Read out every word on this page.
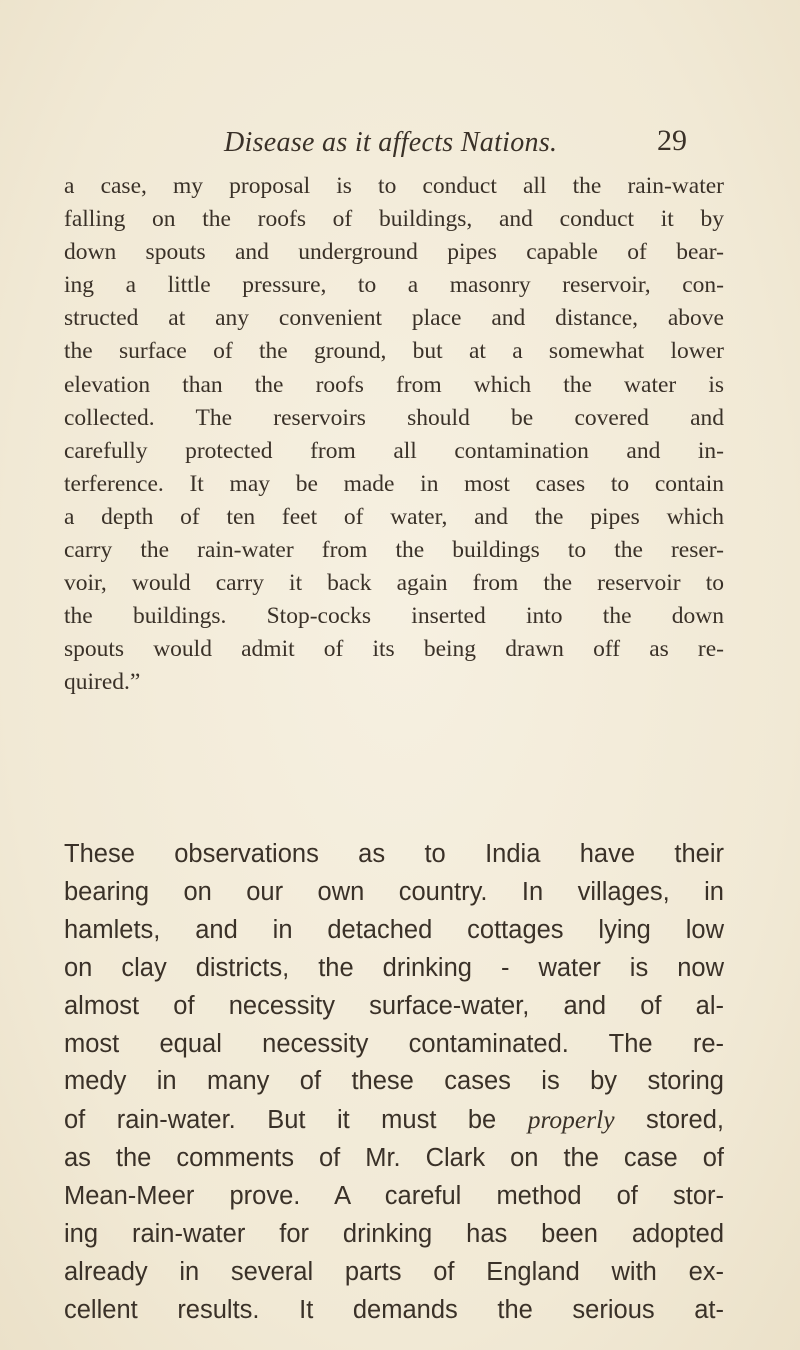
Disease as it affects Nations.	29
a case, my proposal is to conduct all the rain-water
falling on the roofs of buildings, and conduct it by
down spouts and underground pipes capable of bear-
ing a little pressure, to a masonry reservoir, con-
structed at any convenient place and distance, above
the surface of the ground, but at a somewhat lower
elevation than the roofs from which the water is
collected. The reservoirs should be covered and
carefully protected from all contamination and in-
terference. It may be made in most cases to contain
a depth of ten feet of water, and the pipes which
carry the rain-water from the buildings to the reser-
voir, would carry it back again from the reservoir to
the buildings. Stop-cocks inserted into the down
spouts would admit of its being drawn off as re-
quired.”
These observations as to India have their
bearing on our own country. In villages, in
hamlets, and in detached cottages lying low
on clay districts, the drinking - water is now
almost of necessity surface-water, and of al-
most equal necessity contaminated. The re-
medy in many of these cases is by storing
of rain-water. But it must be properly stored,
as the comments of Mr. Clark on the case of
Mean-Meer prove. A careful method of stor-
ing rain-water for drinking has been adopted
already in several parts of England with ex-
cellent results. It demands the serious at-
